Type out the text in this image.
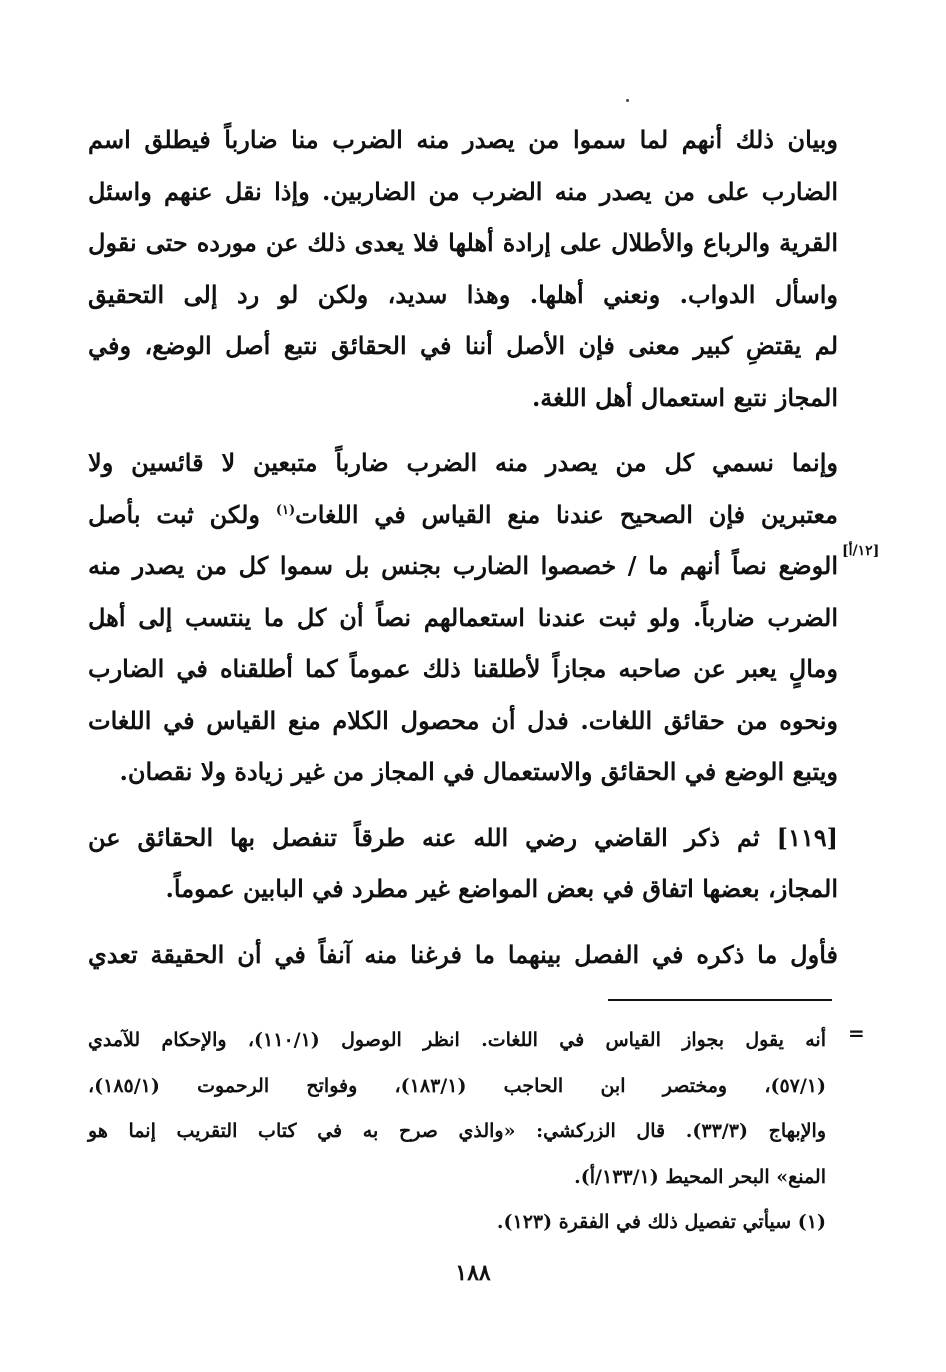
وبيان ذلك أنهم لما سموا من يصدر منه الضرب منا ضارباً فيطلق اسم
الضارب على من يصدر منه الضرب من الضاربين. وإذا نقل عنهم واسئل
القرية والرباع والأطلال على إرادة أهلها فلا يعدى ذلك عن مورده حتى نقول
واسأل الدواب. ونعني أهلها. وهذا سديد، ولكن لو رد إلى التحقيق
لم يقتضِ كبير معنى فإن الأصل أننا في الحقائق نتبع أصل الوضع، وفي
المجاز نتبع استعمال أهل اللغة.

وإنما نسمي كل من يصدر منه الضرب ضارباً متبعين لا قائسين ولا
معتبرين فإن الصحيح عندنا منع القياس في اللغات$^{(١)}$ ولكن ثبت بأصل
الوضع نصاً أنهم ما / خصصوا الضارب بجنس بل سموا كل من يصدر منه
الضرب ضارباً. ولو ثبت عندنا استعمالهم نصاً أن كل ما ينتسب إلى أهل
ومالٍ يعبر عن صاحبه مجازاً لأطلقنا ذلك عموماً كما أطلقناه في الضارب
ونحوه من حقائق اللغات. فدل أن محصول الكلام منع القياس في اللغات
ويتبع الوضع في الحقائق والاستعمال في المجاز من غير زيادة ولا نقصان.

[١١٩] ثم ذكر القاضي رضي الله عنه طرقاً تنفصل بها الحقائق عن
المجاز، بعضها اتفاق في بعض المواضع غير مطرد في البابين عموماً.

فأول ما ذكره في الفصل بينهما ما فرغنا منه آنفاً في أن الحقيقة تعدي

[١٢/أ]
=

أنه يقول بجواز القياس في اللغات. انظر الوصول (١١٠/١)، والإحكام للآمدي
(٥٧/١)، ومختصر ابن الحاجب (١٨٣/١)، وفواتح الرحموت (١٨٥/١)،
والإبهاج (٣٣/٣). قال الزركشي: «والذي صرح به في كتاب التقريب إنما هو
المنع» البحر المحيط (١٣٣/١/أ).

(١) سيأتي تفصيل ذلك في الفقرة (١٢٣).

١٨٨
